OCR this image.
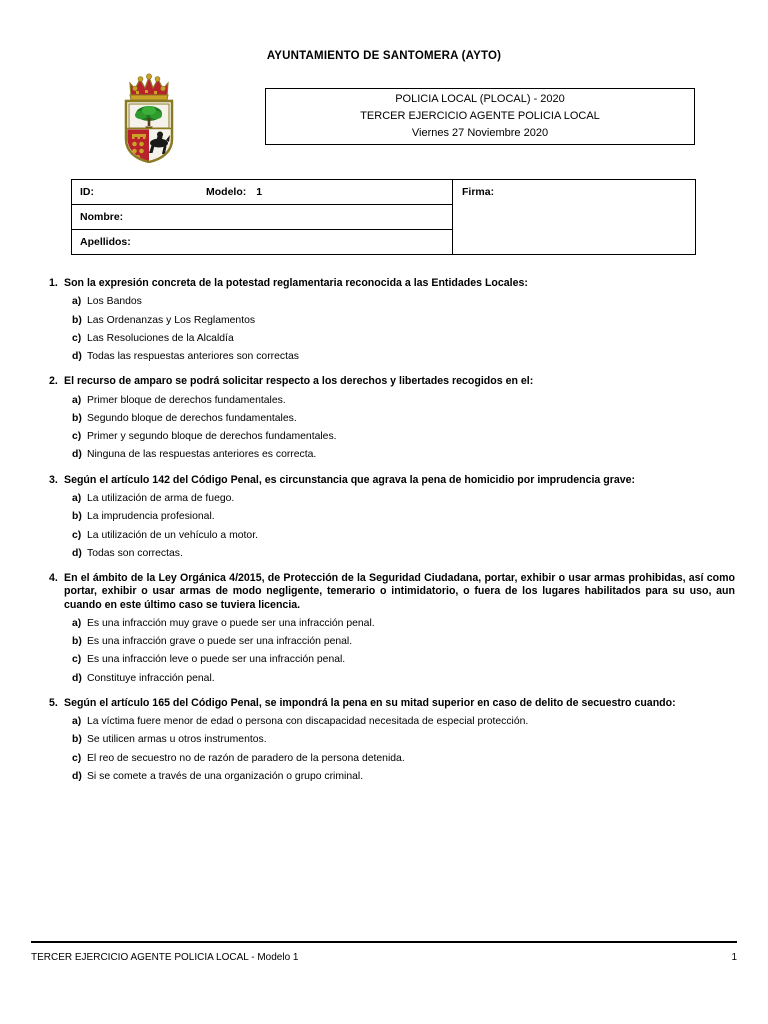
AYUNTAMIENTO DE SANTOMERA (AYTO)
POLICIA LOCAL (PLOCAL) - 2020
TERCER EJERCICIO AGENTE POLICIA LOCAL
Viernes 27 Noviembre 2020
ID:	Modelo: 1
Nombre:
Apellidos:
Firma:
1. Son la expresión concreta de la potestad reglamentaria reconocida a las Entidades Locales:
a) Los Bandos
b) Las Ordenanzas y Los Reglamentos
c) Las Resoluciones de la Alcaldía
d) Todas las respuestas anteriores son correctas
2. El recurso de amparo se podrá solicitar respecto a los derechos y libertades recogidos en el:
a) Primer bloque de derechos fundamentales.
b) Segundo bloque de derechos fundamentales.
c) Primer y segundo bloque de derechos fundamentales.
d) Ninguna de las respuestas anteriores es correcta.
3. Según el artículo 142 del Código Penal, es circunstancia que agrava la pena de homicidio por imprudencia grave:
a) La utilización de arma de fuego.
b) La imprudencia profesional.
c) La utilización de un vehículo a motor.
d) Todas son correctas.
4. En el ámbito de la Ley Orgánica 4/2015, de Protección de la Seguridad Ciudadana, portar, exhibir o usar armas prohibidas, así como portar, exhibir o usar armas de modo negligente, temerario o intimidatorio, o fuera de los lugares habilitados para su uso, aun cuando en este último caso se tuviera licencia.
a) Es una infracción muy grave o puede ser una infracción penal.
b) Es una infracción grave o puede ser una infracción penal.
c) Es una infracción leve o puede ser una infracción penal.
d) Constituye infracción penal.
5. Según el artículo 165 del Código Penal, se impondrá la pena en su mitad superior en caso de delito de secuestro cuando:
a) La víctima fuere menor de edad o persona con discapacidad necesitada de especial protección.
b) Se utilicen armas u otros instrumentos.
c) El reo de secuestro no de razón de paradero de la persona detenida.
d) Si se comete a través de una organización o grupo criminal.
TERCER EJERCICIO AGENTE POLICIA LOCAL - Modelo 1	1
